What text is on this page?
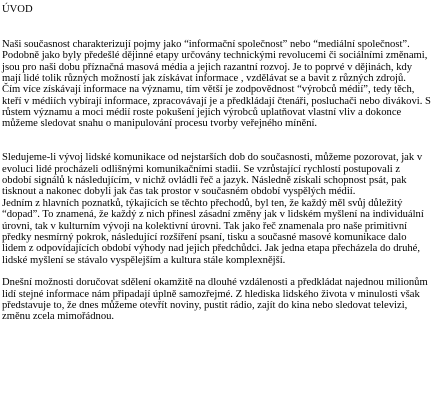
ÚVOD

Naši současnost charakterizují pojmy jako “informační společnost” nebo “mediální společnost”. Podobně jako byly předešlé dějinné etapy určovány technickými revolucemi či sociálními změnami, jsou pro naši dobu příznačná masová média a jejich razantní rozvoj. Je to poprvé v dějinách, kdy mají lidé tolik různých možností jak získávat informace , vzdělávat se a bavit z různých zdrojů.

Čím více získávají informace na významu, tím větší je zodpovědnost “výrobců médií”, tedy těch, kteří v médiích vybírají informace, zpracovávají je a předkládají čtenáři, posluchači nebo divákovi. S růstem významu a moci médií roste pokušení jejich výrobců uplatňovat vlastní vliv a dokonce můžeme sledovat snahu o manipulování procesu tvorby veřejného mínění.

Sledujeme-li vývoj lidské komunikace od nejstarších dob do současnosti, můžeme pozorovat, jak v evoluci lidé procházeli odlišnými komunikačními stadii. Se vzrůstající rychlostí postupovali z období signálů k následujícím, v nichž ovládli řeč a jazyk. Následně získali schopnost psát, pak tisknout a nakonec dobyli jak čas tak prostor v současném období vyspělých médií.

Jedním z hlavních poznatků, týkajících se těchto přechodů, byl ten, že každý měl svůj důležitý “dopad”. To znamená, že každý z nich přinesl zásadní změny jak v lidském myšlení na individuální úrovni, tak v kulturním vývoji na kolektivní úrovni. Tak jako řeč znamenala pro naše primitivní předky nesmírný pokrok, následující rozšíření psaní, tisku a současné masové komunikace dalo lidem z odpovídajících období výhody nad jejich předchůdci. Jak jedna etapa přecházela do druhé, lidské myšlení se stávalo vyspělejším a kultura stále komplexnější.

Dnešní možnosti doručovat sdělení okamžitě na dlouhé vzdálenosti a předkládat najednou milionům lidí stejné informace nám připadají úplně samozřejmé. Z hlediska lidského života v minulosti však představuje to, že dnes můžeme otevřít noviny, pustit rádio, zajít do kina nebo sledovat televizi, změnu zcela mimořádnou.
